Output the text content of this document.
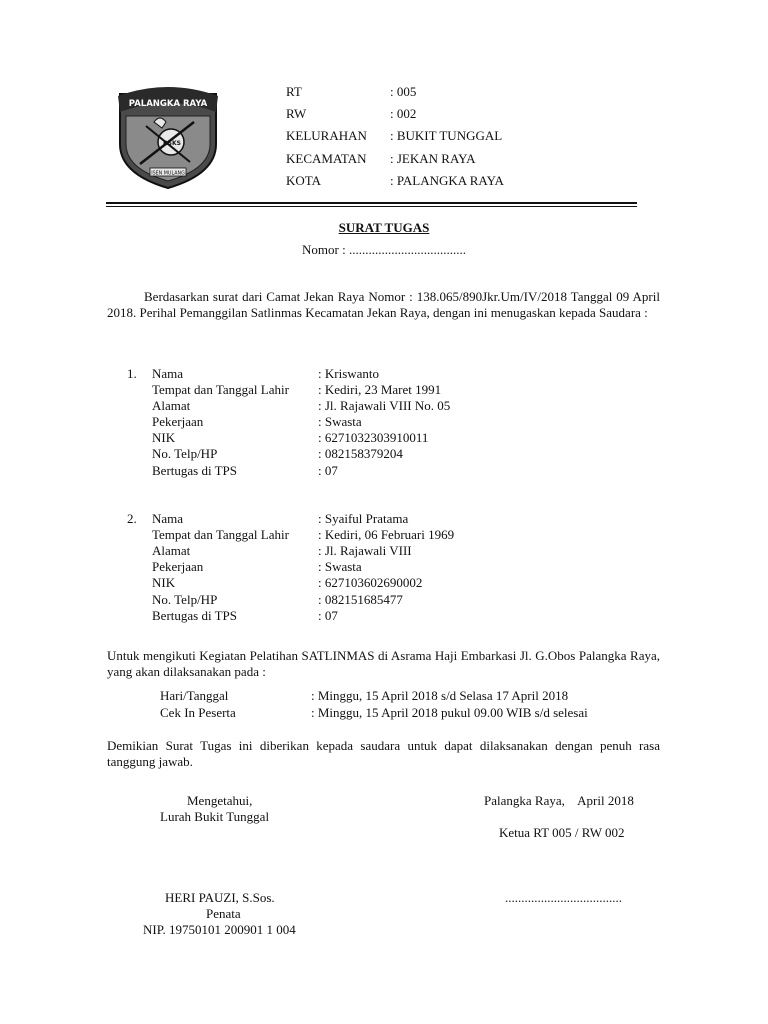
PALANGKA RAYA
RSKS
ISEN MULANG
RT	: 005
RW	: 002
KELURAHAN : BUKIT TUNGGAL
KECAMATAN : JEKAN RAYA
KOTA	: PALANGKA RAYA
SURAT TUGAS
Nomor : ....................................
Berdasarkan surat dari Camat Jekan Raya Nomor : 138.065/890Jkr.Um/IV/2018 Tanggal 09 April 2018. Perihal Pemanggilan Satlinmas Kecamatan Jekan Raya, dengan ini menugaskan kepada Saudara :
1. Nama	: Kriswanto
Tempat dan Tanggal Lahir : Kediri, 23 Maret 1991
Alamat	: Jl. Rajawali VIII No. 05
Pekerjaan	: Swasta
NIK	: 6271032303910011
No. Telp/HP	: 082158379204
Bertugas di TPS	: 07
2. Nama	: Syaiful Pratama
Tempat dan Tanggal Lahir : Kediri, 06 Februari 1969
Alamat	: Jl. Rajawali VIII
Pekerjaan	: Swasta
NIK	: 627103602690002
No. Telp/HP	: 082151685477
Bertugas di TPS	: 07
Untuk mengikuti Kegiatan Pelatihan SATLINMAS di Asrama Haji Embarkasi Jl. G.Obos Palangka Raya, yang akan dilaksanakan pada :
Hari/Tanggal	: Minggu, 15 April 2018 s/d Selasa 17 April 2018
Cek In Peserta	: Minggu, 15 April 2018 pukul 09.00 WIB s/d selesai
Demikian Surat Tugas ini diberikan kepada saudara untuk dapat dilaksanakan dengan penuh rasa tanggung jawab.
Mengetahui,
Lurah Bukit Tunggal
Palangka Raya,    April 2018
Ketua RT 005 / RW 002
HERI PAUZI, S.Sos.
Penata
NIP. 19750101 200901 1 004
....................................
